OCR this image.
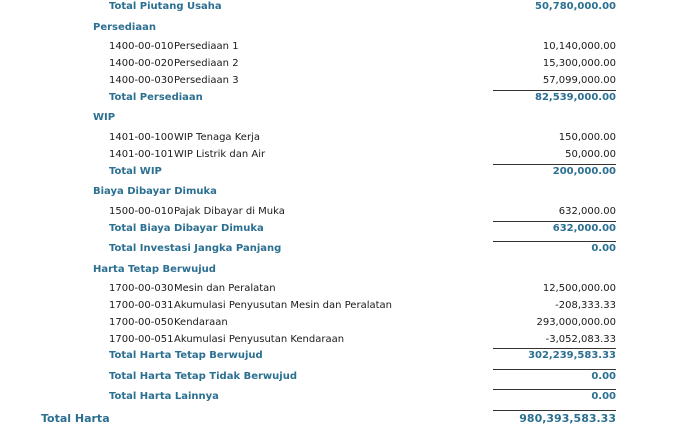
Total Piutang Usaha	50,780,000.00
Persediaan
1400-00-010 Persediaan 1	10,140,000.00
1400-00-020 Persediaan 2	15,300,000.00
1400-00-030 Persediaan 3	57,099,000.00
Total Persediaan	82,539,000.00
WIP
1401-00-100 WIP Tenaga Kerja	150,000.00
1401-00-101 WIP Listrik dan Air	50,000.00
Total WIP	200,000.00
Biaya Dibayar Dimuka
1500-00-010 Pajak Dibayar di Muka	632,000.00
Total Biaya Dibayar Dimuka	632,000.00
Total Investasi Jangka Panjang	0.00
Harta Tetap Berwujud
1700-00-030 Mesin dan Peralatan	12,500,000.00
1700-00-031 Akumulasi Penyusutan Mesin dan Peralatan	-208,333.33
1700-00-050 Kendaraan	293,000,000.00
1700-00-051 Akumulasi Penyusutan Kendaraan	-3,052,083.33
Total Harta Tetap Berwujud	302,239,583.33
Total Harta Tetap Tidak Berwujud	0.00
Total Harta Lainnya	0.00
Total Harta	980,393,583.33
